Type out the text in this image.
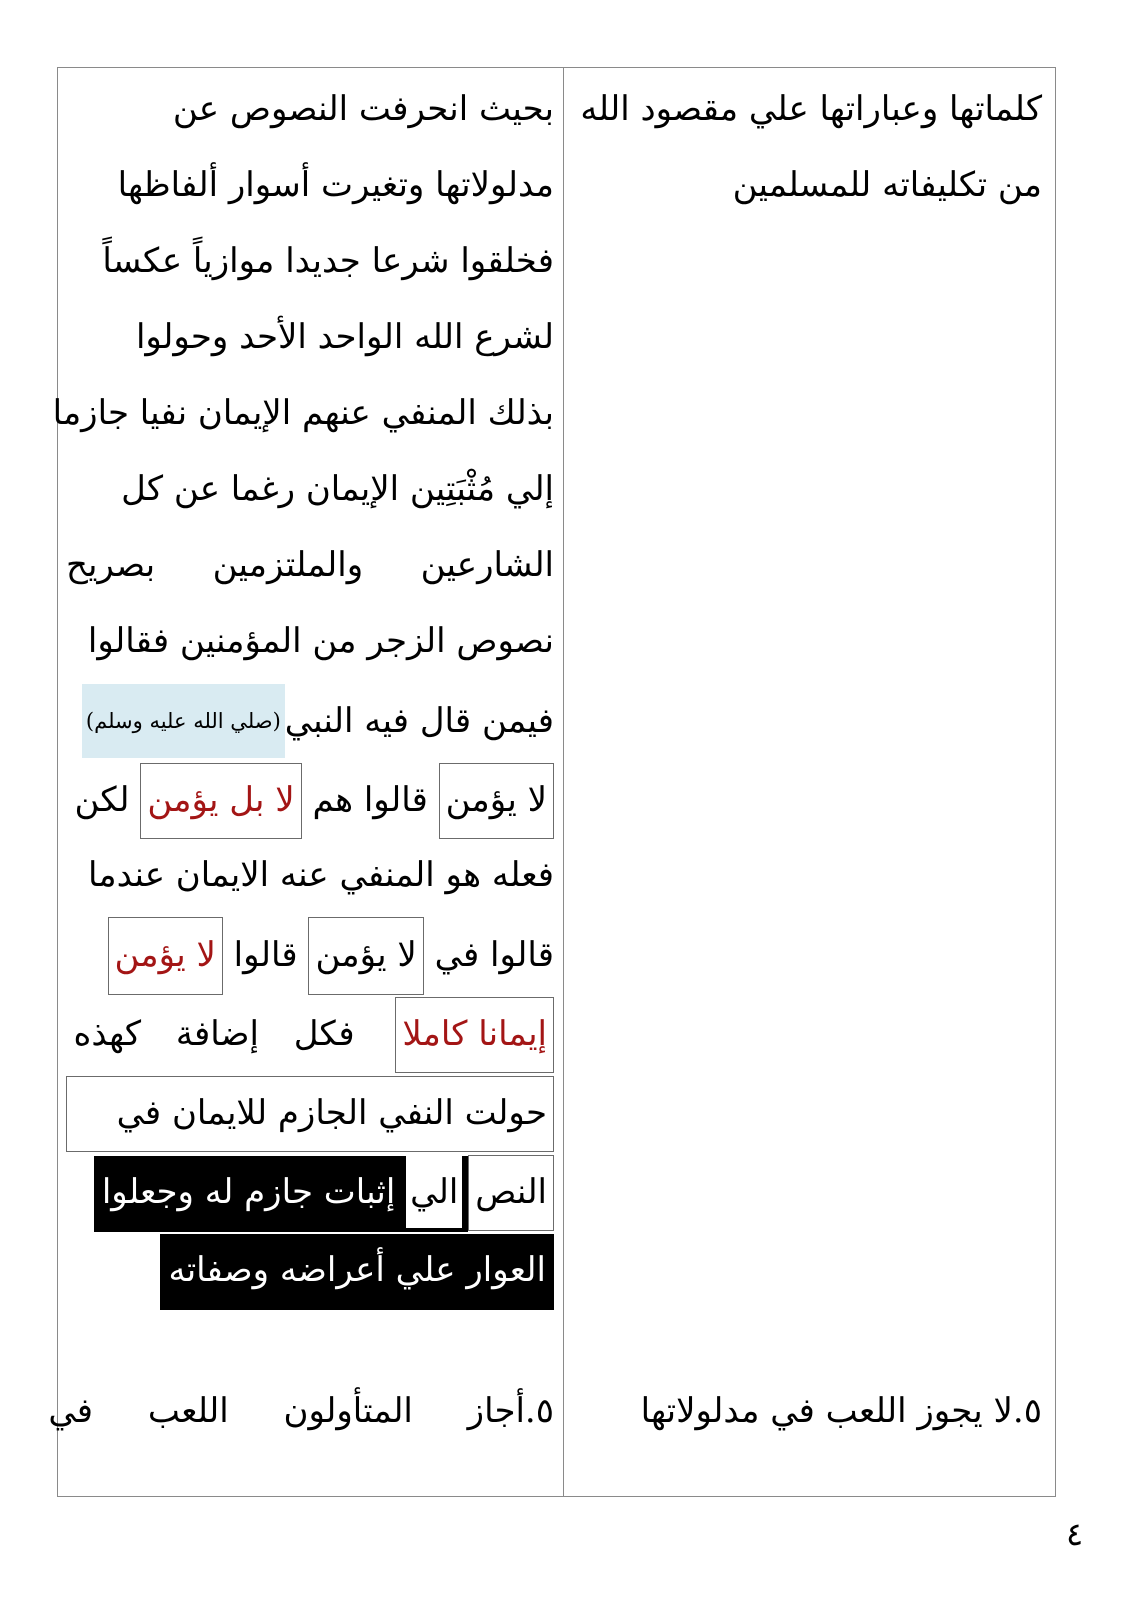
كلماتها وعباراتها علي مقصود الله
من تكليفاته للمسلمين
٥.لا يجوز اللعب في مدلولاتها
بحيث انحرفت النصوص عن
مدلولاتها وتغيرت أسوار ألفاظها
فخلقوا شرعا جديدا موازياً عكساً
لشرع الله الواحد الأحد وحولوا
بذلك المنفي عنهم الإيمان نفيا جازما
إلي مُثْبَتِين الإيمان رغما عن كل
الشارعين
والملتزمين
بصريح
نصوص الزجر من المؤمنين فقالوا
فيمن قال فيه النبي(صلي الله عليه وسلم)
لا يؤمن قالوا هم لا بل يؤمن لكن
فعله هو المنفي عنه الايمان عندما
قالوا في لا يؤمن قالوا لا يؤمن
إيمانا كاملا فكل إضافة كهذه
حولت النفي الجازم للايمان في
النصالي إثبات جازم له وجعلوا
العوار علي أعراضه وصفاته
٥.أجاز المتأولون اللعب في
٤
